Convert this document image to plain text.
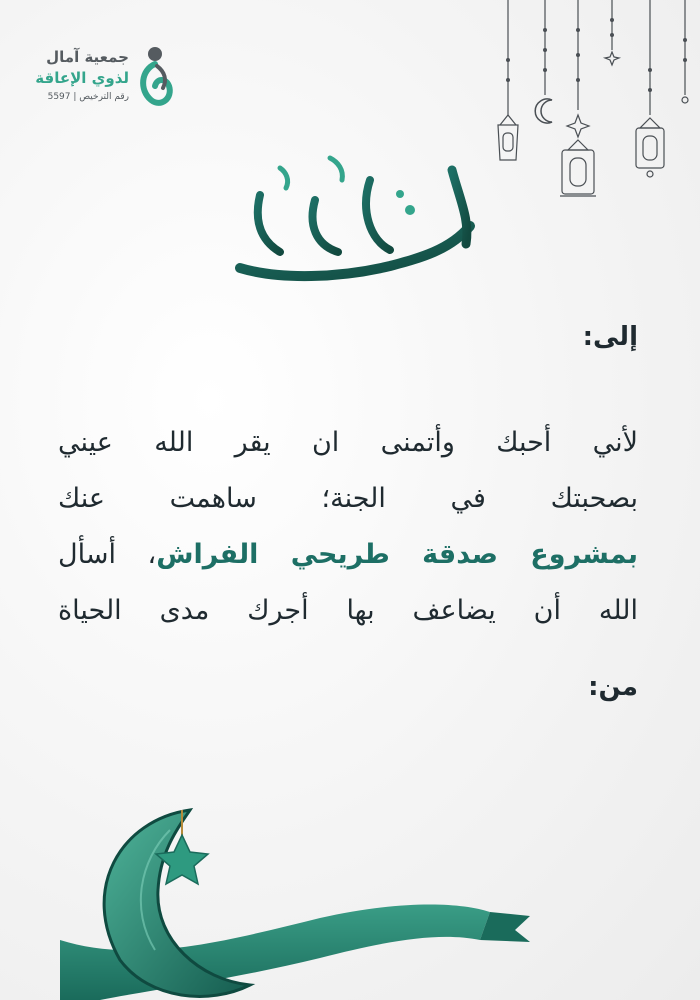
جمعية آمال
لذوي الإعاقة
رقم الترخيص | 5597
إلى:
لأني أحبك وأتمنى ان يقر الله عيني
بصحبتك في الجنة؛ ساهمت عنك
بمشروع صدقة طريحي الفراش، أسأل
الله أن يضاعف بها أجرك مدى الحياة
من:
